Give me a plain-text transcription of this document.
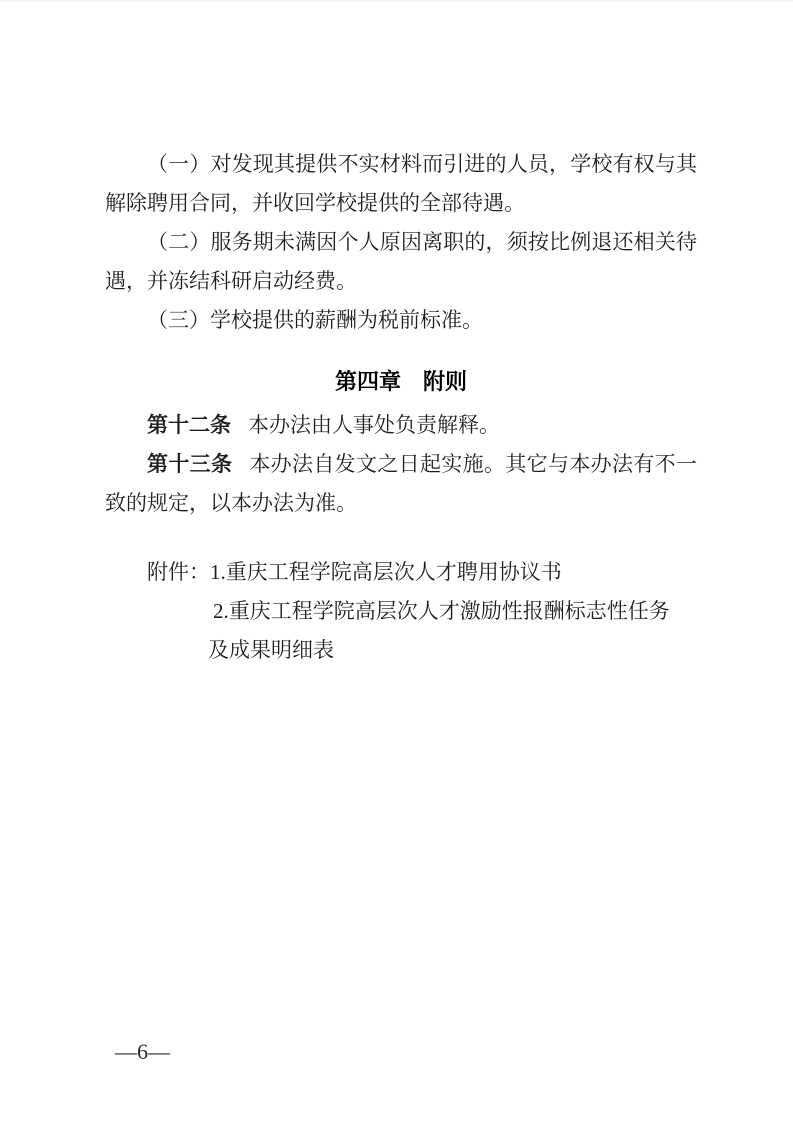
（一）对发现其提供不实材料而引进的人员，学校有权与其解除聘用合同，并收回学校提供的全部待遇。

（二）服务期未满因个人原因离职的，须按比例退还相关待遇，并冻结科研启动经费。

（三）学校提供的薪酬为税前标准。

第四章　附则

第十二条 本办法由人事处负责解释。

第十三条 本办法自发文之日起实施。其它与本办法有不一致的规定，以本办法为准。

附件：1.重庆工程学院高层次人才聘用协议书
2.重庆工程学院高层次人才激励性报酬标志性任务
及成果明细表
—6—
